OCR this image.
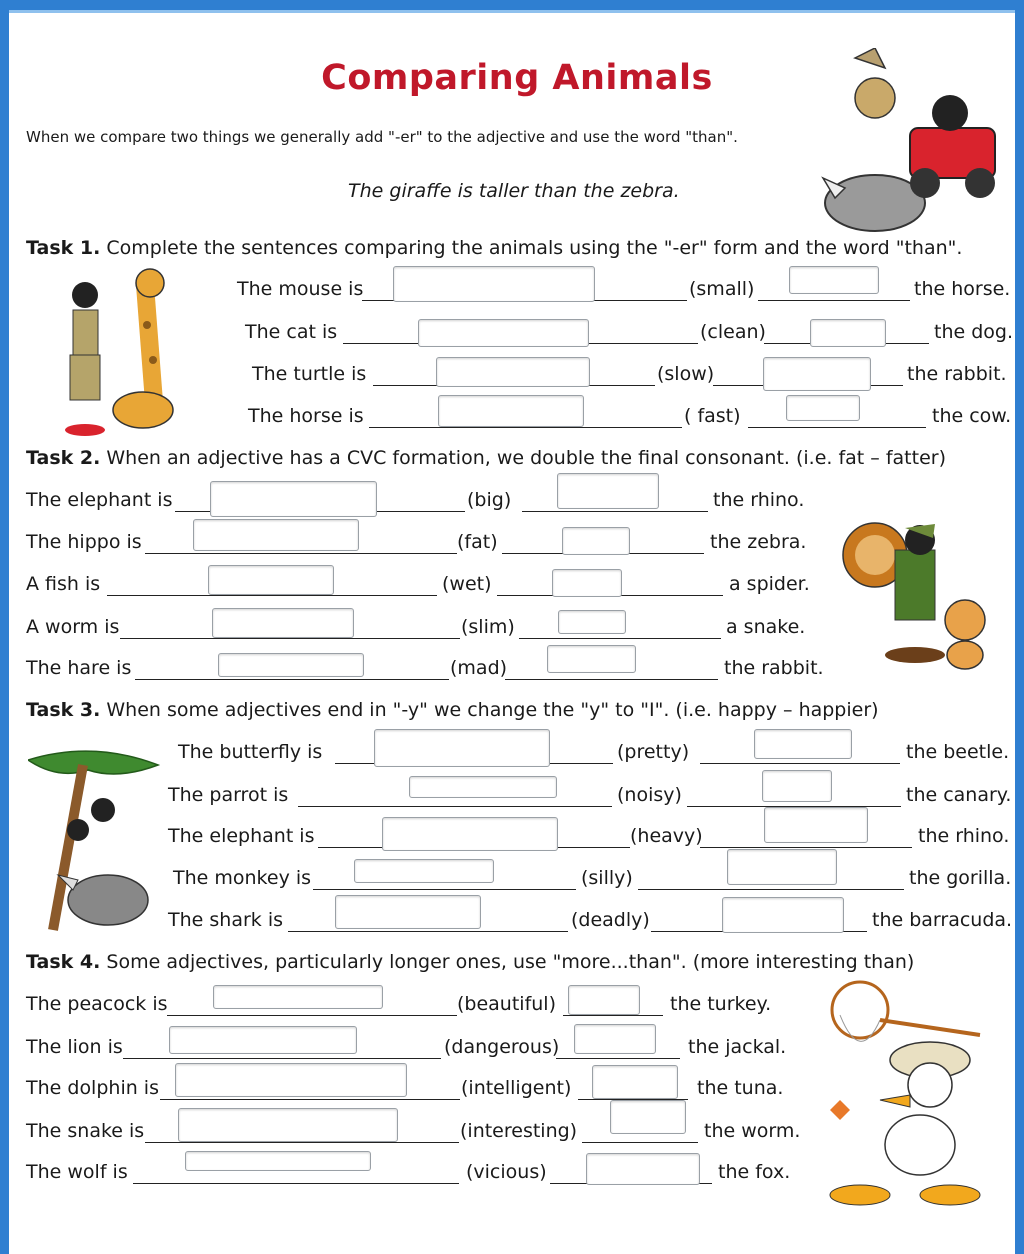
Comparing Animals
When we compare two things we generally add "-er" to the adjective and use the word "than".
The giraffe is taller than the zebra.
Task 1. Complete the sentences comparing the animals using the "-er" form and the word "than".
The mouse is	(small)	the horse.
The cat is	(clean)	the dog.
The turtle is	(slow)	the rabbit.
The horse is	( fast)	the cow.
Task 2. When an adjective has a CVC formation, we double the final consonant. (i.e. fat – fatter)
The elephant is	(big)	the rhino.
The hippo is	(fat)	the zebra.
A fish is	(wet)	a spider.
A worm is	(slim)	a snake.
The hare is	(mad)	the rabbit.
Task 3. When some adjectives end in "-y" we change the "y" to "I". (i.e. happy – happier)
The butterfly is	(pretty)	the beetle.
The parrot is	(noisy)	the canary.
The elephant is	(heavy)	the rhino.
The monkey is	(silly)	the gorilla.
The shark is	(deadly)	the barracuda.
Task 4. Some adjectives, particularly longer ones, use "more...than". (more interesting than)
The peacock is	(beautiful)	the turkey.
The lion is	(dangerous)	the jackal.
The dolphin is	(intelligent)	the tuna.
The snake is	(interesting)	the worm.
The wolf is	(vicious)	the fox.
